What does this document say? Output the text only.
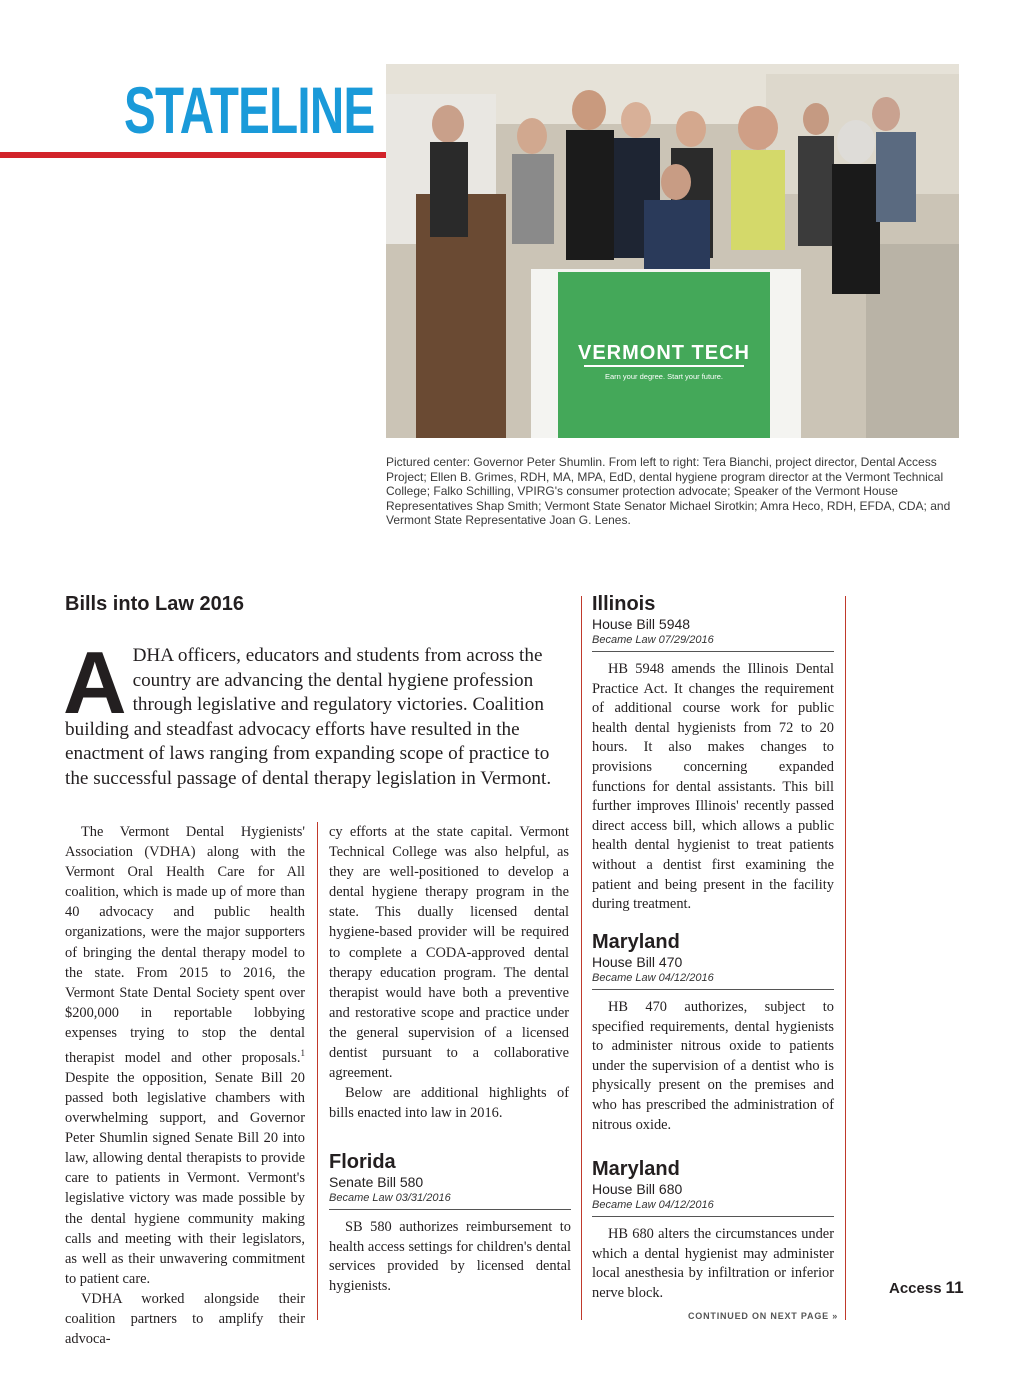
STATELINE
VERMONT TECH
Earn your degree. Start your future.
Pictured center: Governor Peter Shumlin. From left to right: Tera Bianchi, project director, Dental Access Project; Ellen B. Grimes, RDH, MA, MPA, EdD, dental hygiene program director at the Vermont Technical College; Falko Schilling, VPIRG's consumer protection advocate; Speaker of the Vermont House Representatives Shap Smith; Vermont State Senator Michael Sirotkin; Amra Heco, RDH, EFDA, CDA; and Vermont State Representative Joan G. Lenes.
Bills into Law 2016
ADHA officers, educators and students from across the country are advancing the dental hygiene profession through legislative and regulatory victories. Coalition building and steadfast advocacy efforts have resulted in the enactment of laws ranging from expanding scope of practice to the successful passage of dental therapy legislation in Vermont.

The Vermont Dental Hygienists' Association (VDHA) along with the Vermont Oral Health Care for All coalition, which is made up of more than 40 advocacy and public health organizations, were the major supporters of bringing the dental therapy model to the state. From 2015 to 2016, the Vermont State Dental Society spent over $200,000 in reportable lobbying expenses trying to stop the dental therapist model and other proposals.$^1$ Despite the opposition, Senate Bill 20 passed both legislative chambers with overwhelming support, and Governor Peter Shumlin signed Senate Bill 20 into law, allowing dental therapists to provide care to patients in Vermont. Vermont's legislative victory was made possible by the dental hygiene community making calls and meeting with their legislators, as well as their unwavering commitment to patient care.

VDHA worked alongside their coalition partners to amplify their advoca-

cy efforts at the state capital. Vermont Technical College was also helpful, as they are well-positioned to develop a dental hygiene therapy program in the state. This dually licensed dental hygiene-based provider will be required to complete a CODA-approved dental therapy education program. The dental therapist would have both a preventive and restorative scope and practice under the general supervision of a licensed dentist pursuant to a collaborative agreement.

Below are additional highlights of bills enacted into law in 2016.

Florida
Senate Bill 580
Became Law 03/31/2016
SB 580 authorizes reimbursement to health access settings for children's dental services provided by licensed dental hygienists.
Illinois
House Bill 5948
Became Law 07/29/2016
HB 5948 amends the Illinois Dental Practice Act. It changes the requirement of additional course work for public health dental hygienists from 72 to 20 hours. It also makes changes to provisions concerning expanded functions for dental assistants. This bill further improves Illinois' recently passed direct access bill, which allows a public health dental hygienist to treat patients without a dentist first examining the patient and being present in the facility during treatment.
Maryland
House Bill 470
Became Law 04/12/2016
HB 470 authorizes, subject to specified requirements, dental hygienists to administer nitrous oxide to patients under the supervision of a dentist who is physically present on the premises and who has prescribed the administration of nitrous oxide.
Maryland
House Bill 680
Became Law 04/12/2016
HB 680 alters the circumstances under which a dental hygienist may administer local anesthesia by infiltration or inferior nerve block.
CONTINUED ON NEXT PAGE »
Access 11
